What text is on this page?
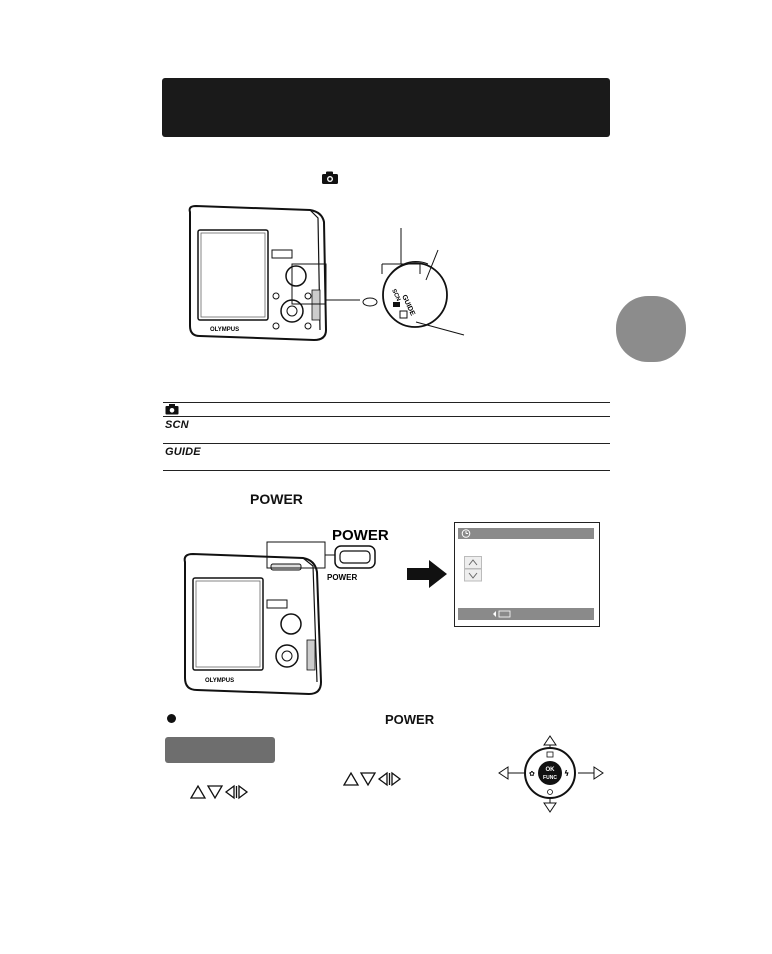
OLYMPUS
GUIDE
SCN
SCN
GUIDE
POWER
OLYMPUS
POWER
POWER
POWER
OK
FUNC
✿	ϟ
